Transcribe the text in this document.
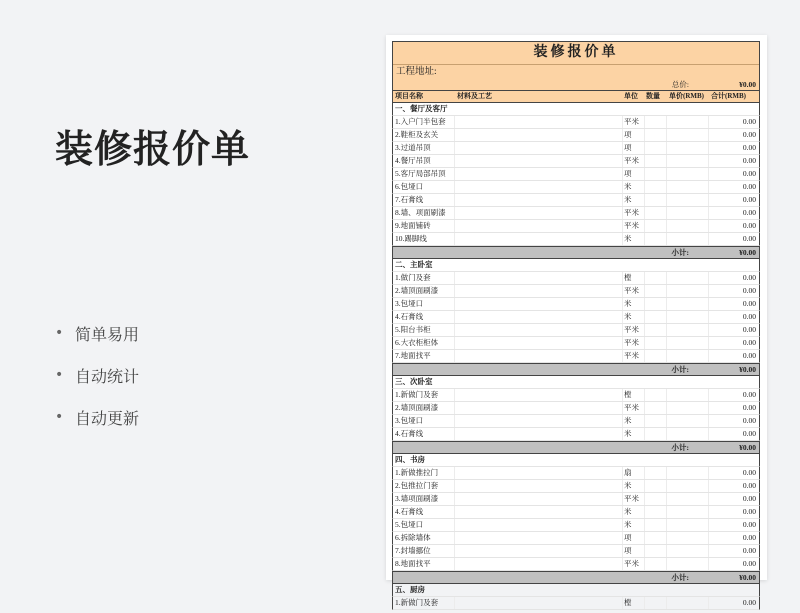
装修报价单
• 简单易用
• 自动统计
• 自动更新
装修报价单
工程地址:
总价:	¥0.00
项目名称	材料及工艺	单位 数量 单价(RMB) 合计(RMB)
一、餐厅及客厅
1.入户门半包套	平米	0.00
2.鞋柜及玄关	项	0.00
3.过道吊顶	项	0.00
4.餐厅吊顶	平米	0.00
5.客厅局部吊顶	项	0.00
6.包垭口	米	0.00
7.石膏线	米	0.00
8.墙、项面刷漆	平米	0.00
9.地面铺砖	平米	0.00
10.踢脚线	米	0.00
小计:	¥0.00
二、主卧室
1.做门及套	樘	0.00
2.墙顶面刷漆	平米	0.00
3.包垭口	米	0.00
4.石膏线	米	0.00
5.阳台书柜	平米	0.00
6.大衣柜柜体	平米	0.00
7.地面找平	平米	0.00
小计:	¥0.00
三、次卧室
1.新做门及套	樘	0.00
2.墙顶面刷漆	平米	0.00
3.包垭口	米	0.00
4.石膏线	米	0.00
小计:	¥0.00
四、书房
1.新做推拉门	扇	0.00
2.包推拉门套	米	0.00
3.墙项面刷漆	平米	0.00
4.石膏线	米	0.00
5.包垭口	米	0.00
6.拆除墙体	项	0.00
7.封墙挪位	项	0.00
8.地面找平	平米	0.00
小计:	¥0.00
五、厨房
1.新做门及套	樘	0.00
